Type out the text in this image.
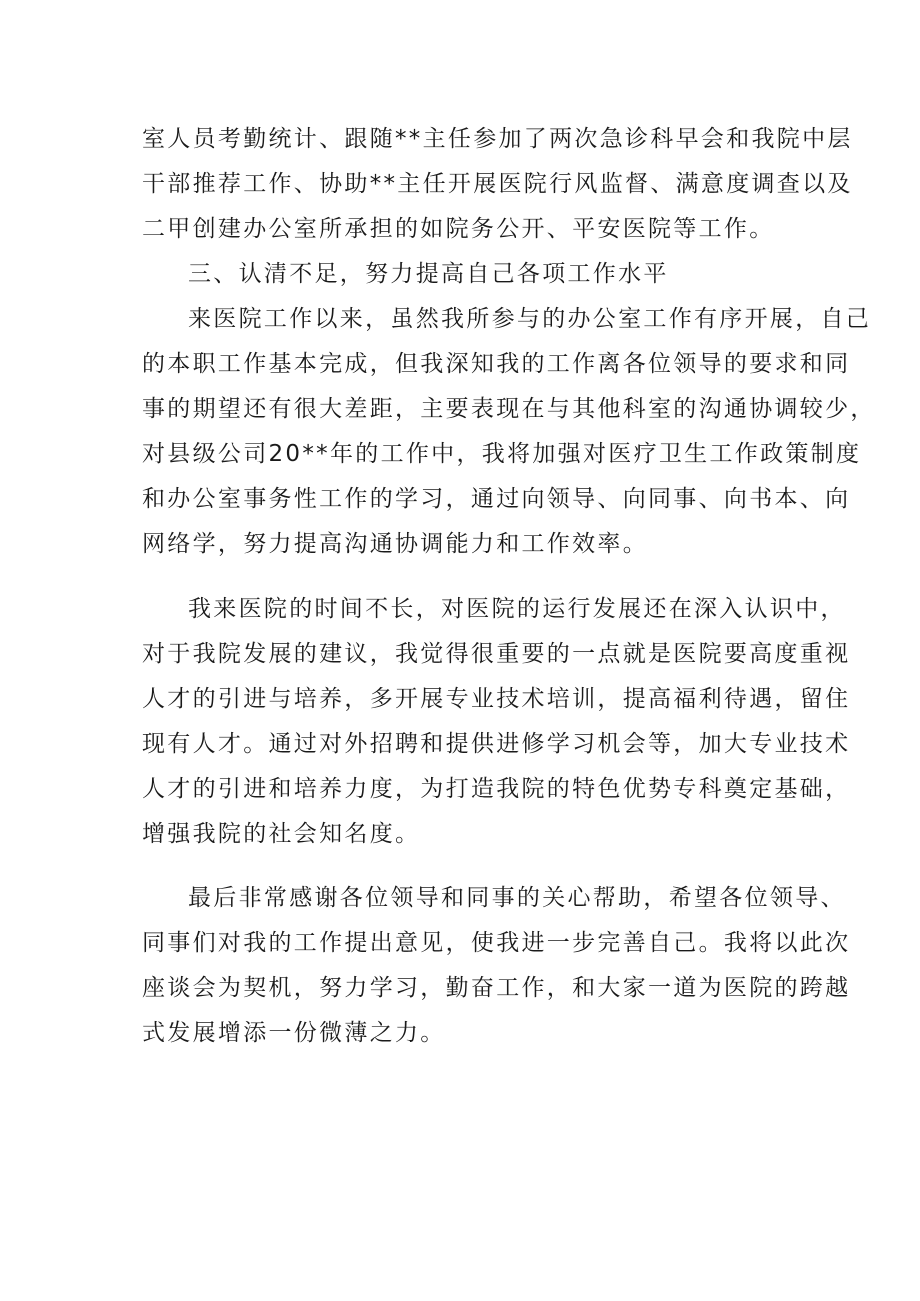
室人员考勤统计、跟随**主任参加了两次急诊科早会和我院中层

干部推荐工作、协助**主任开展医院行风监督、满意度调查以及

二甲创建办公室所承担的如院务公开、平安医院等工作。

三、认清不足，努力提高自己各项工作水平

来医院工作以来，虽然我所参与的办公室工作有序开展，自己

的本职工作基本完成，但我深知我的工作离各位领导的要求和同

事的期望还有很大差距，主要表现在与其他科室的沟通协调较少，

对县级公司20**年的工作中，我将加强对医疗卫生工作政策制度

和办公室事务性工作的学习，通过向领导、向同事、向书本、向

网络学，努力提高沟通协调能力和工作效率。

我来医院的时间不长，对医院的运行发展还在深入认识中，

对于我院发展的建议，我觉得很重要的一点就是医院要高度重视

人才的引进与培养，多开展专业技术培训，提高福利待遇，留住

现有人才。通过对外招聘和提供进修学习机会等，加大专业技术

人才的引进和培养力度，为打造我院的特色优势专科奠定基础，

增强我院的社会知名度。

最后非常感谢各位领导和同事的关心帮助，希望各位领导、

同事们对我的工作提出意见，使我进一步完善自己。我将以此次

座谈会为契机，努力学习，勤奋工作，和大家一道为医院的跨越

式发展增添一份微薄之力。
